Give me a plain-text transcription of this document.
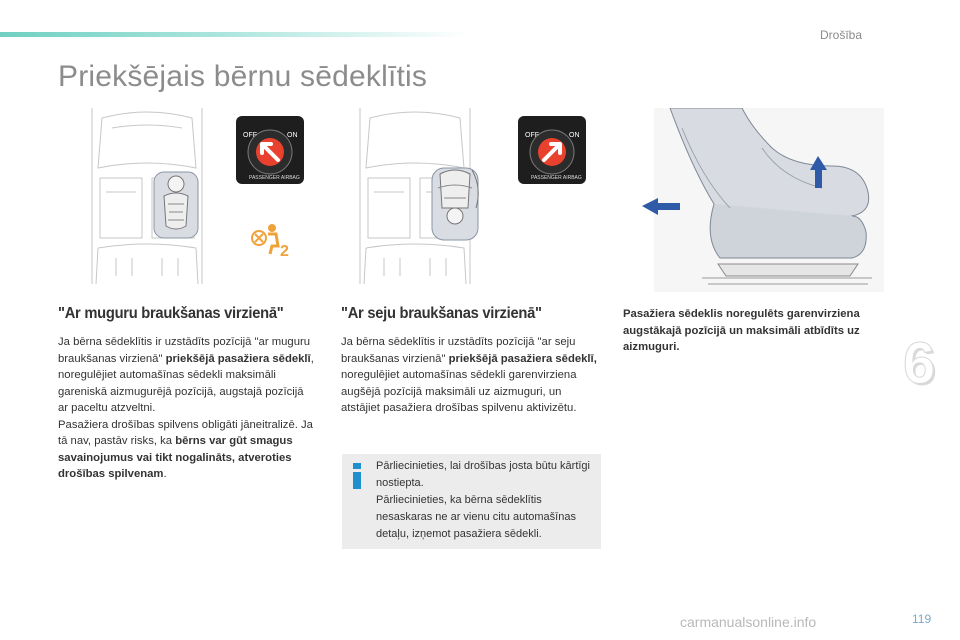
Drošība
Priekšējais bērnu sēdeklītis
OFF	ON
PASSENGER AIRBAG
2
OFF	ON
PASSENGER AIRBAG
"Ar muguru braukšanas virzienā"
Ja bērna sēdeklītis ir uzstādīts pozīcijā "ar muguru braukšanas virzienā" priekšējā pasažiera sēdeklī, noregulējiet automašīnas sēdekli maksimāli gareniskā aizmugurējā pozīcijā, augstajā pozīcijā ar paceltu atzveltni.
Pasažiera drošības spilvens obligāti jāneitralizē. Ja tā nav, pastāv risks, ka bērns var gūt smagus savainojumus vai tikt nogalināts, atveroties drošības spilvenam.
"Ar seju braukšanas virzienā"
Ja bērna sēdeklītis ir uzstādīts pozīcijā "ar seju braukšanas virzienā" priekšējā pasažiera sēdeklī, noregulējiet automašīnas sēdekli garenvirziena augšējā pozīcijā maksimāli uz aizmuguri, un atstājiet pasažiera drošības spilvenu aktivizētu.
Pasažiera sēdeklis noregulēts garenvirziena augstākajā pozīcijā un maksimāli atbīdīts uz aizmuguri.
Pārliecinieties, lai drošības josta būtu kārtīgi nostiepta.
Pārliecinieties, ka bērna sēdeklītis nesaskaras ne ar vienu citu automašīnas detaļu, izņemot pasažiera sēdekli.
6
carmanualsonline.info	119
